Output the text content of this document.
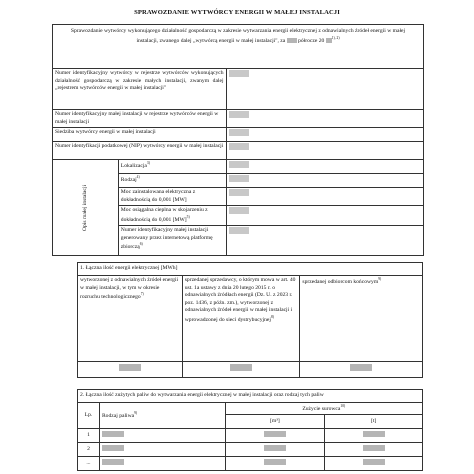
SPRAWOZDANIE WYTWÓRCY ENERGII W MAŁEJ INSTALACJI
Sprawozdanie wytwórcy wykonującego działalność gospodarczą w zakresie wytwarzania energii elektrycznej z odnawialnych źródeł energii w małej instalacji, zwanego dalej „wytwórcą energii w małej instalacji", za półrocze 20 $^{1), 2)}$
Numer identyfikacyjny wytwórcy w rejestrze wytwórców wykonujących działalność gospodarczą w zakresie małych instalacji, zwanym dalej „rejestrem wytwórców energii w małej instalacji"		

Numer identyfikacyjny małej instalacji w rejestrze wytwórców energii w małej instalacji		

Siedziba wytwórcy energii w małej instalacji		

Numer identyfikacji podatkowej (NIP) wytwórcy energii w małej instalacji		

Opis małej instalacji	Lokalizacja$^{3)}$	

	Rodzaj$^{4)}$	

	Moc zainstalowana elektryczna z dokładnością do 0,001 [MW]	

	Moc osiągalna cieplna w skojarzeniu z dokładnością do 0,001 [MW]$^{5)}$	

	Numer identyfikacyjny małej instalacji generowany przez internetową platformę zbiorczą$^{6)}$	
1. Łączna ilość energii elektrycznej [MWh]		
wytworzonej z odnawialnych źródeł energii w małej instalacji, w tym w okresie rozruchu technologicznego$^{7)}$	sprzedanej sprzedawcy, o którym mowa w art. 40 ust. 1a ustawy z dnia 20 lutego 2015 r. o odnawialnych źródłach energii (Dz. U. z 2023 r. poz. 1436, z późn. zm.), wytworzonej z odnawialnych źródeł energii w małej instalacji i wprowadzonej do sieci dystrybucyjnej$^{8)}$	sprzedanej odbiorcom końcowym$^{9)}$

2. Łączna ilość zużytych paliw do wytwarzania energii elektrycznej w małej instalacji oraz rodzaj tych paliw			
Lp.	Rodzaj paliwa$^{9)}$	Zużycie surowca$^{10)}$
		[m³]	[t]
1			
2			
...			
